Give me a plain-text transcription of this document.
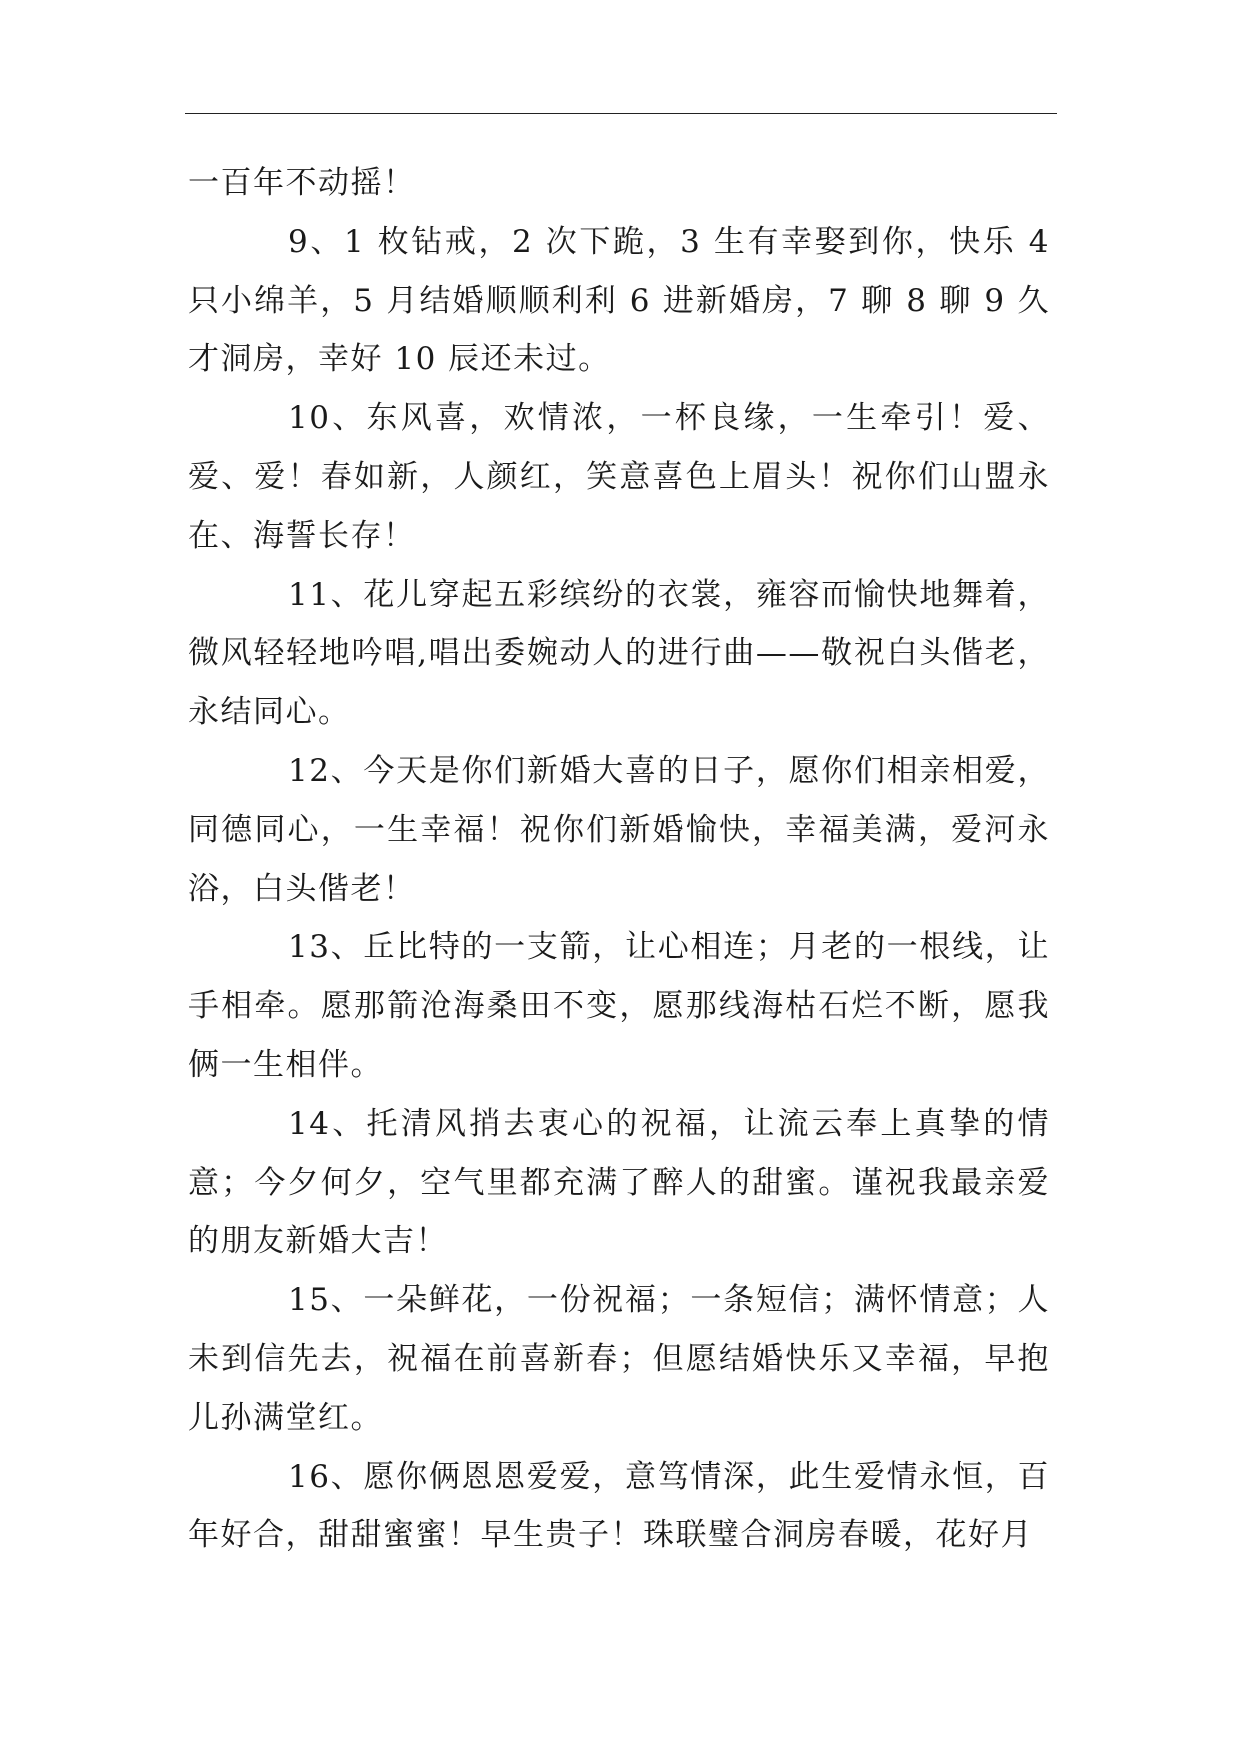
一百年不动摇！

9、1 枚钻戒，2 次下跪，3 生有幸娶到你，快乐 4 只小绵羊，5 月结婚顺顺利利 6 进新婚房，7 聊 8 聊 9 久才洞房，幸好 10 辰还未过。

10、东风喜，欢情浓，一杯良缘，一生牵引！爱、爱、爱！春如新，人颜红，笑意喜色上眉头！祝你们山盟永在、海誓长存！

11、花儿穿起五彩缤纷的衣裳，雍容而愉快地舞着，微风轻轻地吟唱,唱出委婉动人的进行曲——敬祝白头偕老，永结同心。

12、今天是你们新婚大喜的日子，愿你们相亲相爱，同德同心，一生幸福！祝你们新婚愉快，幸福美满，爱河永浴，白头偕老！

13、丘比特的一支箭，让心相连；月老的一根线，让手相牵。愿那箭沧海桑田不变，愿那线海枯石烂不断，愿我俩一生相伴。

14、托清风捎去衷心的祝福，让流云奉上真挚的情意；今夕何夕，空气里都充满了醉人的甜蜜。谨祝我最亲爱的朋友新婚大吉！

15、一朵鲜花，一份祝福；一条短信；满怀情意；人未到信先去，祝福在前喜新春；但愿结婚快乐又幸福，早抱儿孙满堂红。

16、愿你俩恩恩爱爱，意笃情深，此生爱情永恒，百年好合，甜甜蜜蜜！早生贵子！珠联璧合洞房春暖，花好月
